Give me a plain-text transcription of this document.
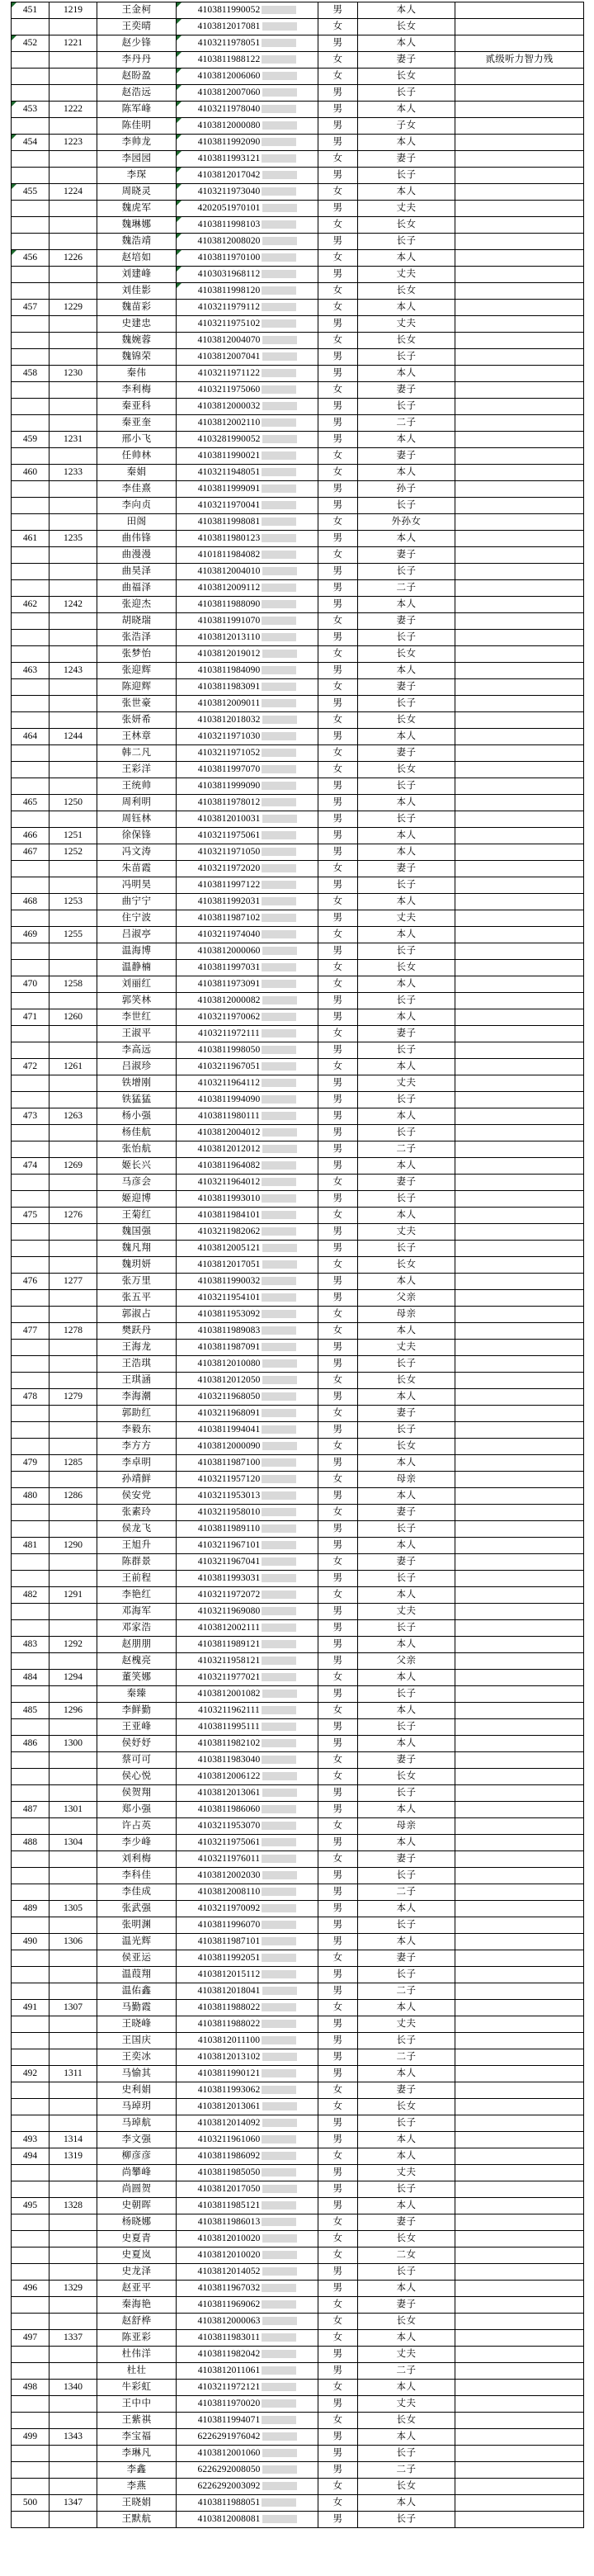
451	1219	王金柯	4103811990052	男	本人	
		王奕晴	4103812017081	女	长女	

452	1221	赵少锋	4103211978051	男	本人	
		李丹丹	4103811988122	女	妻子	贰级听力智力残
		赵盼盈	4103812006060	女	长女	
		赵浩远	4103812007060	男	长子	

453	1222	陈军峰	4103211978040	男	本人	
		陈佳明	4103812000080	男	子女	

454	1223	李帅龙	4103811992090	男	本人	
		李园园	4103811993121	女	妻子	
		李琛	4103812017042	男	长子	

455	1224	周晓灵	4103211973040	女	本人	
		魏虎军	4202051970101	男	丈夫	
		魏琳娜	4103811998103	女	长女	
		魏浩靖	4103812008020	男	长子	

456	1226	赵培如	4103811970100	女	本人	
		刘建峰	4103031968112	男	丈夫	
		刘佳影	4103811998120	女	长女	
457	1229	魏苗彩	4103211979112	女	本人	
		史建忠	4103211975102	男	丈夫	
		魏婉蓉	4103812004070	女	长女	
		魏锦荣	4103812007041	男	长子	
458	1230	秦伟	4103211971122	男	本人	
		李利梅	4103211975060	女	妻子	
		秦亚科	4103812000032	男	长子	
		秦亚奎	4103812002110	男	二子	
459	1231	邢小飞	4103281990052	男	本人	
		任帅林	4103811990021	女	妻子	
460	1233	秦娟	4103211948051	女	本人	
		李佳熹	4103811999091	男	孙子	
		李向贞	4103211970041	男	长子	
		田阁	4103811998081	女	外孙女	
461	1235	曲伟锋	4103811980123	男	本人	
		曲漫漫	4101811984082	女	妻子	
		曲昊泽	4103812004010	男	长子	
		曲福泽	4103812009112	男	二子	
462	1242	张迎杰	4103811988090	男	本人	
		胡晓瑞	4103811991070	女	妻子	
		张浩泽	4103812013110	男	长子	
		张梦怡	4103812019012	女	长女	
463	1243	张迎辉	4103811984090	男	本人	
		陈迎辉	4103811983091	女	妻子	
		张世豪	4103812009011	男	长子	
		张妍希	4103812018032	女	长女	
464	1244	王林章	4103211971030	男	本人	
		韩二凡	4103211971052	女	妻子	
		王彩洋	4103811997070	女	长女	
		王统帅	4103811999090	男	长子	
465	1250	周利明	4103811978012	男	本人	
		周钰林	4103812010031	男	长子	
466	1251	徐保锋	4103211975061	男	本人	
467	1252	冯文涛	4103211971050	男	本人	
		朱苗霞	4103211972020	女	妻子	
		冯明昊	4103811997122	男	长子	
468	1253	曲宁宁	4103811992031	女	本人	
		住宁波	4103811987102	男	丈夫	
469	1255	吕淑亭	4103211974040	女	本人	
		温海博	4103812000060	男	长子	
		温静楠	4103811997031	女	长女	
470	1258	刘丽红	4103811973091	女	本人	
		郭笑林	4103812000082	男	长子	
471	1260	李世红	4103211970062	男	本人	
		王淑平	4103211972111	女	妻子	
		李高远	4103811998050	男	长子	
472	1261	吕淑珍	4103211967051	女	本人	
		铁增刚	4103211964112	男	丈夫	
		铁猛猛	4103811994090	男	长子	
473	1263	杨小强	4103811980111	男	本人	
		杨佳航	4103812004012	男	长子	
		张怡航	4103812012012	男	二子	
474	1269	姬长兴	4103811964082	男	本人	
		马彦会	4103211964012	女	妻子	
		姬迎博	4103811993010	男	长子	
475	1276	王菊红	4103811984101	女	本人	
		魏国强	4103211982062	男	丈夫	
		魏凡翔	4103812005121	男	长子	
		魏玥妍	4103812017051	女	长女	
476	1277	张万里	4103811990032	男	本人	
		张五平	4103211954101	男	父亲	
		郭淑占	4103811953092	女	母亲	
477	1278	樊跃丹	4103811989083	女	本人	
		王海龙	4103811987091	男	丈夫	
		王浩琪	4103812010080	男	长子	
		王琪涵	4103812012050	女	长女	
478	1279	李海潮	4103211968050	男	本人	
		郭助红	4103211968091	女	妻子	
		李毅东	4103811994041	男	长子	
		李方方	4103812000090	女	长女	
479	1285	李卓明	4103811987100	男	本人	
		孙靖鲜	4103211957120	女	母亲	
480	1286	侯安党	4103211953013	男	本人	
		张素玲	4103211958010	女	妻子	
		侯龙飞	4103811989110	男	长子	
481	1290	王旭升	4103211967101	男	本人	
		陈群景	4103211967041	女	妻子	
		王前程	4103811993031	男	长子	
482	1291	李艳红	4103211972072	女	本人	
		邓海军	4103211969080	男	丈夫	
		邓家浩	4103812002111	男	长子	
483	1292	赵朋朋	4103811989121	男	本人	
		赵槐亮	4103211958121	男	父亲	
484	1294	董笑娜	4103211977021	女	本人	
		秦臻	4103812001082	男	长子	
485	1296	李鲜勤	4103211962111	女	本人	
		王亚峰	4103811995111	男	长子	
486	1300	侯妤妤	4103811982102	男	本人	
		蔡可可	4103811983040	女	妻子	
		侯心悦	4103812006122	女	长女	
		侯贺翔	4103812013061	男	长子	
487	1301	郑小强	4103811986060	男	本人	
		许占英	4103211953070	女	母亲	
488	1304	李少峰	4103211975061	男	本人	
		刘利梅	4103211976011	女	妻子	
		李科佳	4103812002030	男	长子	
		李佳成	4103812008110	男	二子	
489	1305	张武强	4103211970092	男	本人	
		张明渊	4103811996070	男	长子	
490	1306	温光辉	4103811987101	男	本人	
		侯亚运	4103811992051	女	妻子	
		温葭翔	4103812015112	男	长子	
		温佑鑫	4103812018041	男	二子	
491	1307	马勤霞	4103811988022	女	本人	
		王晓峰	4103811988022	男	丈夫	
		王国庆	4103812011100	男	长子	
		王奕冰	4103812013102	男	二子	
492	1311	马愉其	4103811990121	男	本人	
		史利娟	4103811993062	女	妻子	
		马琸玥	4103812013061	女	长女	
		马琸航	4103812014092	男	长子	
493	1314	李文强	4103211961060	男	本人	
494	1319	柳彦彦	4103811986092	女	本人	
		尚攀峰	4103811985050	男	丈夫	
		尚圆贺	4103812017050	男	长子	
495	1328	史朝晖	4103811985121	男	本人	
		杨晓娜	4103811986013	女	妻子	
		史夏青	4103812010020	女	长女	
		史夏岚	4103812010020	女	二女	
		史龙泽	4103812014052	男	长子	
496	1329	赵亚平	4103811967032	男	本人	
		秦海艳	4103811969062	女	妻子	
		赵舒桦	4103812000063	女	长女	
497	1337	陈亚彩	4103811983011	女	本人	
		杜伟洋	4103811982042	男	丈夫	
		杜壮	4103812011061	男	二子	
498	1340	牛彩虹	4103211972121	女	本人	
		王中中	4103811970020	男	丈夫	
		王紫祺	4103811994071	女	长女	
499	1343	李宝福	6226291976042	男	本人	
		李琳凡	4103812001060	男	长子	
		李鑫	6226292008050	男	二子	
		李燕	6226292003092	女	长女	
500	1347	王晓娟	4103811988051	女	本人	
		王默航	4103812008081	男	长子	
